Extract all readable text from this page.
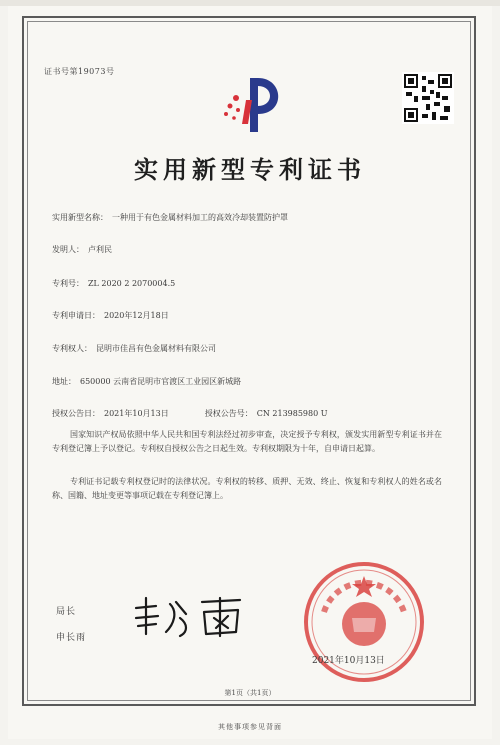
证书号第19073号
实用新型专利证书
实用新型名称： 一种用于有色金属材料加工的高效冷却装置防护罩
发明人： 卢利民
专利号： ZL 2020 2 2070004.5
专利申请日： 2020年12月18日
专利权人： 昆明市佳昌有色金属材料有限公司
地址： 650000 云南省昆明市官渡区工业园区新城路
授权公告日： 2021年10月13日	授权公告号： CN 213985980 U
国家知识产权局依照中华人民共和国专利法经过初步审查，决定授予专利权，颁发实用新型专利证书并在专利登记簿上予以登记。专利权自授权公告之日起生效。专利权期限为十年，自申请日起算。
专利证书记载专利权登记时的法律状况。专利权的转移、质押、无效、终止、恢复和专利权人的姓名或名称、国籍、地址变更等事项记载在专利登记簿上。
局长
申长雨
2021年10月13日
第1页（共1页）
其他事项参见背面
